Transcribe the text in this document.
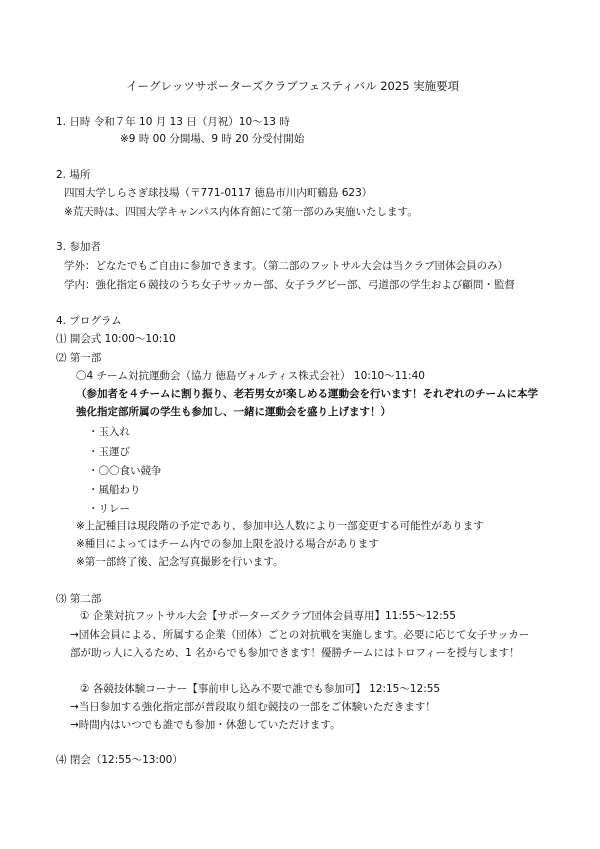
イーグレッツサポーターズクラブフェスティバル 2025 実施要項
1. 日時 令和７年 10 月 13 日（月祝）10～13 時
※9 時 00 分開場、9 時 20 分受付開始
2. 場所
四国大学しらさぎ球技場（〒771-0117 徳島市川内町鶴島 623）
※荒天時は、四国大学キャンパス内体育館にて第一部のみ実施いたします。
3. 参加者
学外：どなたでもご自由に参加できます。（第二部のフットサル大会は当クラブ団体会員のみ）
学内：強化指定６競技のうち女子サッカー部、女子ラグビー部、弓道部の学生および顧問・監督
4. プログラム
⑴ 開会式 10:00～10:10
⑵ 第一部
〇4 チーム対抗運動会（協力 徳島ヴォルティス株式会社） 10:10～11:40
（参加者を４チームに割り振り、老若男女が楽しめる運動会を行います！それぞれのチームに本学
強化指定部所属の学生も参加し、一緒に運動会を盛り上げます！）
・玉入れ
・玉運び
・〇〇食い競争
・風船わり
・リレー
※上記種目は現段階の予定であり、参加申込人数により一部変更する可能性があります
※種目によってはチーム内での参加上限を設ける場合があります
※第一部終了後、記念写真撮影を行います。
⑶ 第二部
① 企業対抗フットサル大会【サポーターズクラブ団体会員専用】11:55～12:55
→団体会員による、所属する企業（団体）ごとの対抗戦を実施します。必要に応じて女子サッカー
部が助っ人に入るため、1 名からでも参加できます！優勝チームにはトロフィーを授与します！
② 各競技体験コーナー【事前申し込み不要で誰でも参加可】 12:15～12:55
→当日参加する強化指定部が普段取り組む競技の一部をご体験いただきます！
→時間内はいつでも誰でも参加・休憩していただけます。
⑷ 閉会（12:55～13:00）
